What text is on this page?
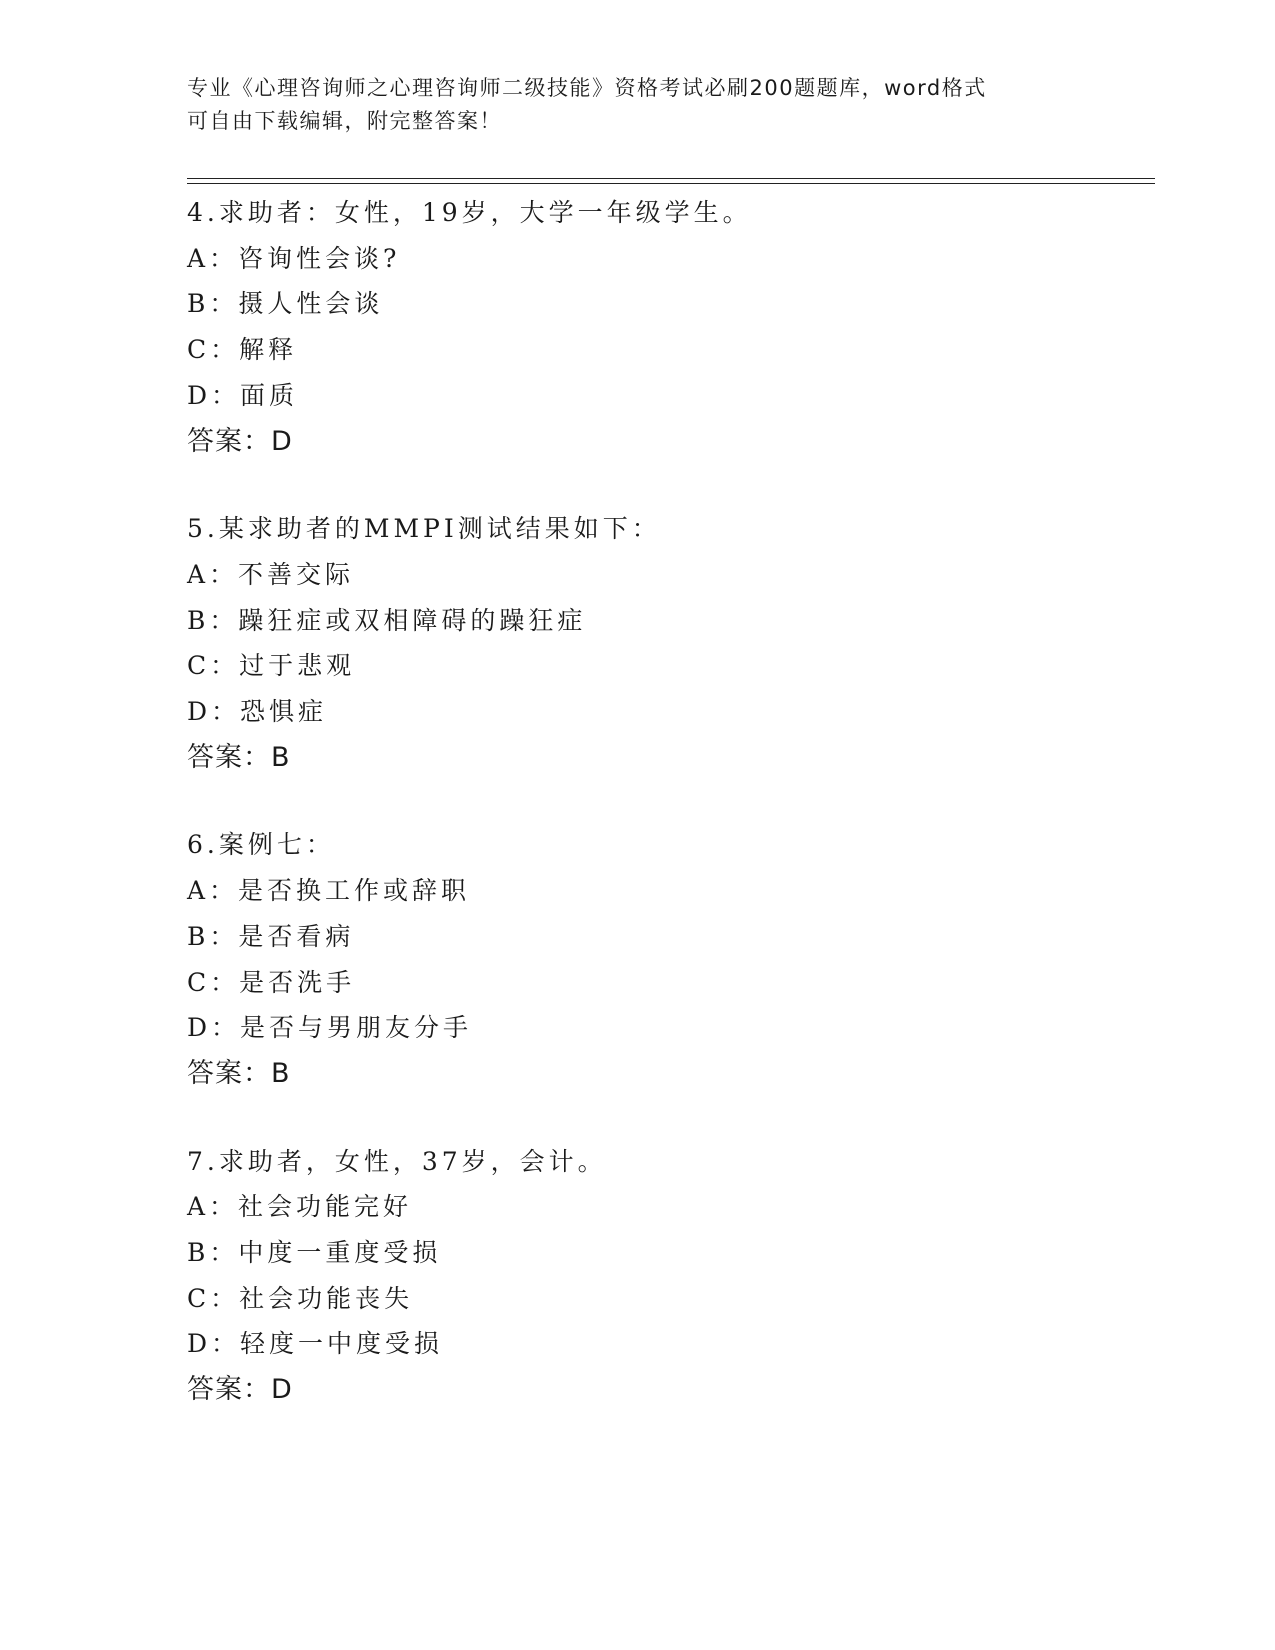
专业《心理咨询师之心理咨询师二级技能》资格考试必刷200题题库，word格式
可自由下载编辑，附完整答案！
4.求助者：女性，19岁，大学一年级学生。
A：咨询性会谈?
B：摄人性会谈
C：解释
D：面质
答案：D
5.某求助者的MMPI测试结果如下：
A：不善交际
B：躁狂症或双相障碍的躁狂症
C：过于悲观
D：恐惧症
答案：B
6.案例七：
A：是否换工作或辞职
B：是否看病
C：是否洗手
D：是否与男朋友分手
答案：B
7.求助者，女性，37岁，会计。
A：社会功能完好
B：中度一重度受损
C：社会功能丧失
D：轻度一中度受损
答案：D
